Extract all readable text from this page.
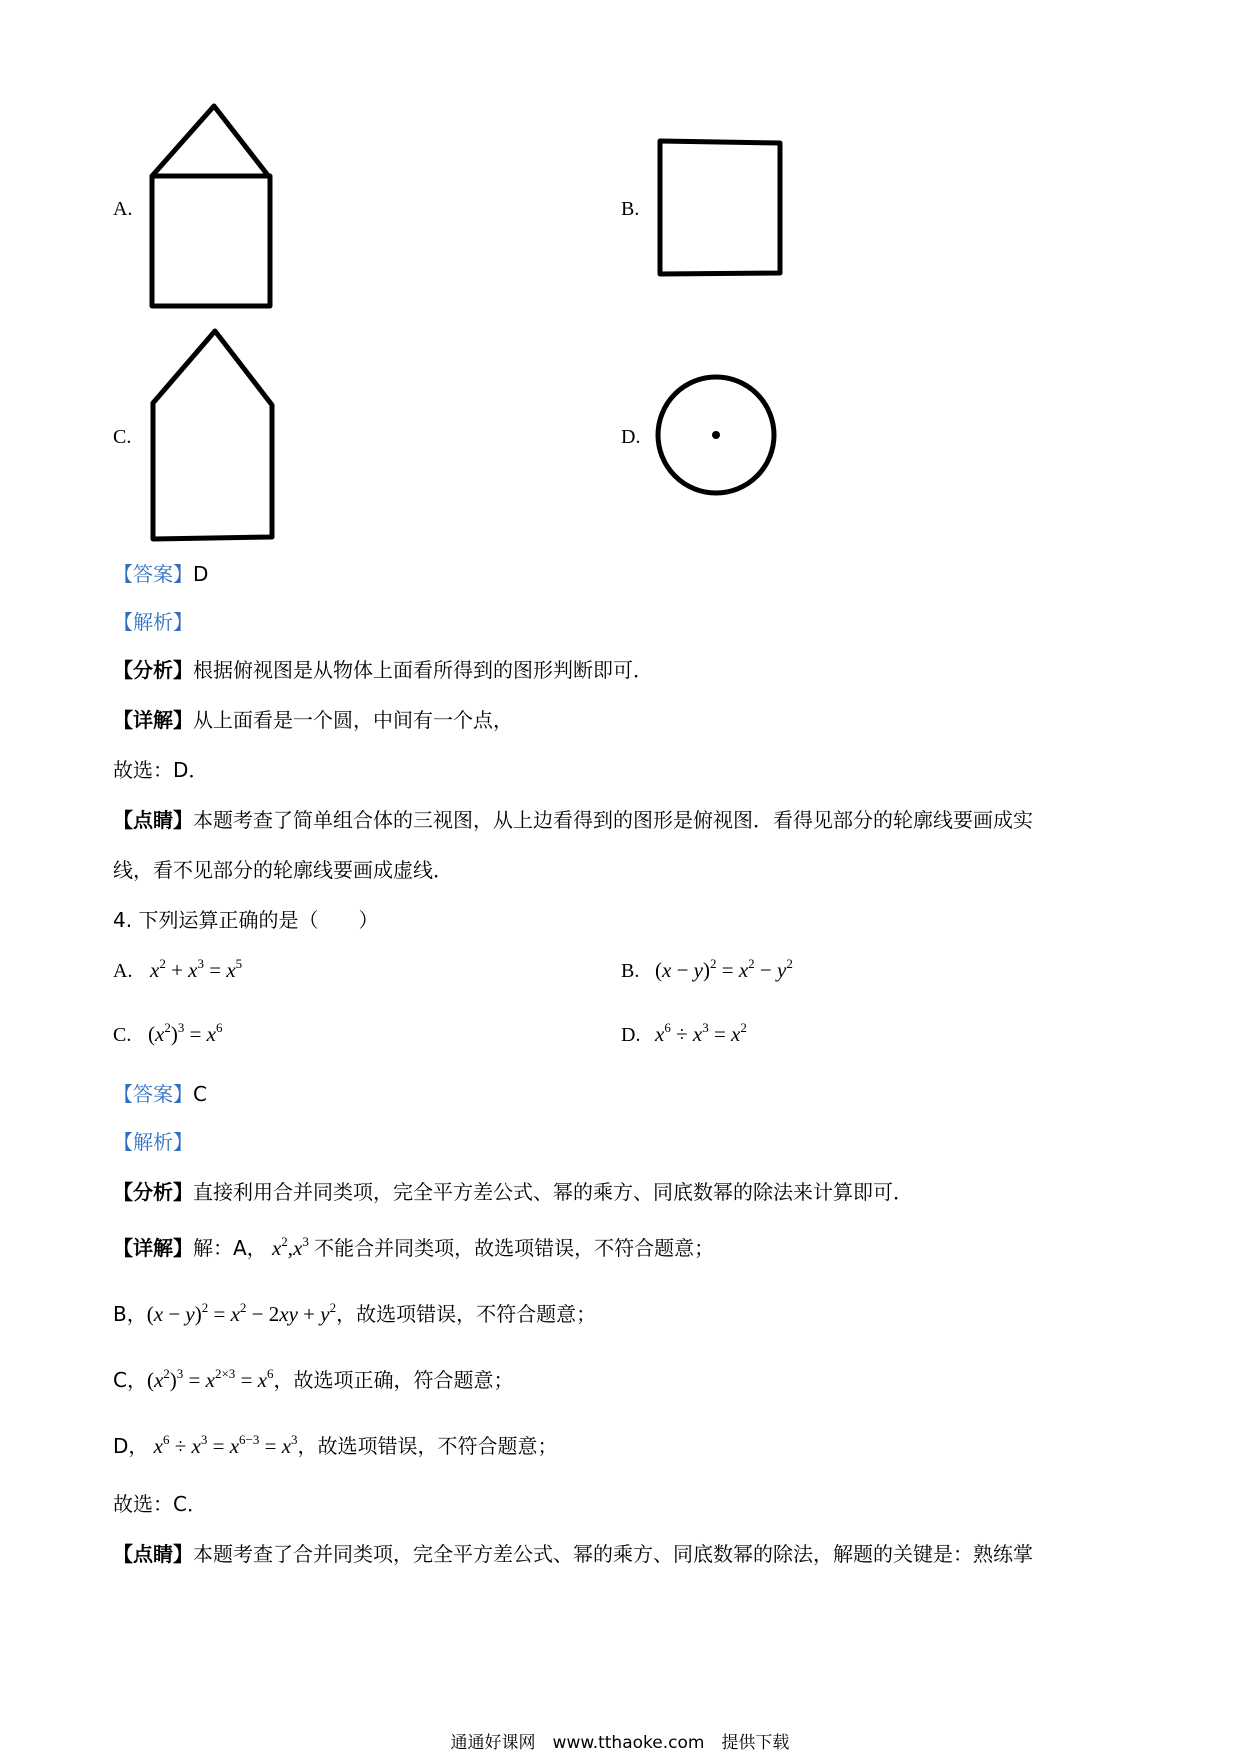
A.	B.
C.	D.
【答案】D
【解析】
【分析】根据俯视图是从物体上面看所得到的图形判断即可．
【详解】从上面看是一个圆，中间有一个点，
故选：D．
【点睛】本题考查了简单组合体的三视图，从上边看得到的图形是俯视图．看得见部分的轮廓线要画成实
线，看不见部分的轮廓线要画成虚线．
4. 下列运算正确的是（　　）
A. $x^2 + x^3 = x^5$	B. $(x - y)^2 = x^2 - y^2$
C. $(x^2)^3 = x^6$	D. $x^6 \div x^3 = x^2$
【答案】C
【解析】
【分析】直接利用合并同类项，完全平方差公式、幂的乘方、同底数幂的除法来计算即可．
【详解】解：A， $x^2,x^3$ 不能合并同类项，故选项错误，不符合题意；
B，$(x - y)^2 = x^2 - 2xy + y^2$，故选项错误，不符合题意；
C，$(x^2)^3 = x^{2\times 3} = x^6$，故选项正确，符合题意；
D， $x^6 \div x^3 = x^{6-3} = x^3$，故选项错误，不符合题意；
故选：C．
【点睛】本题考查了合并同类项，完全平方差公式、幂的乘方、同底数幂的除法，解题的关键是：熟练掌
通通好课网　www.tthaoke.com　提供下载
